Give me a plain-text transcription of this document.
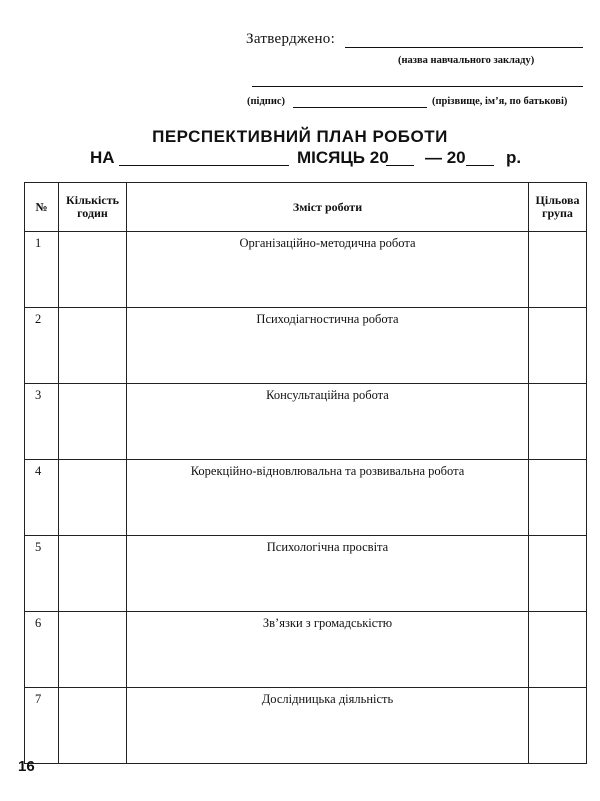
Затверджено:
(назва навчального закладу)
(підпис)	(прізвище, ім’я, по батькові)
ПЕРСПЕКТИВНИЙ ПЛАН РОБОТИ
НА	МІСЯЦЬ 20 — 20 р.
№	Кількість годин	Зміст роботи	Цільова група
1		Організаційно-методична робота	
2		Психодіагностична робота	
3		Консультаційна робота	
4		Корекційно-відновлювальна та розвивальна робота	
5		Психологічна просвіта	
6		Зв’язки з громадськістю	
7		Дослідницька діяльність	
16
